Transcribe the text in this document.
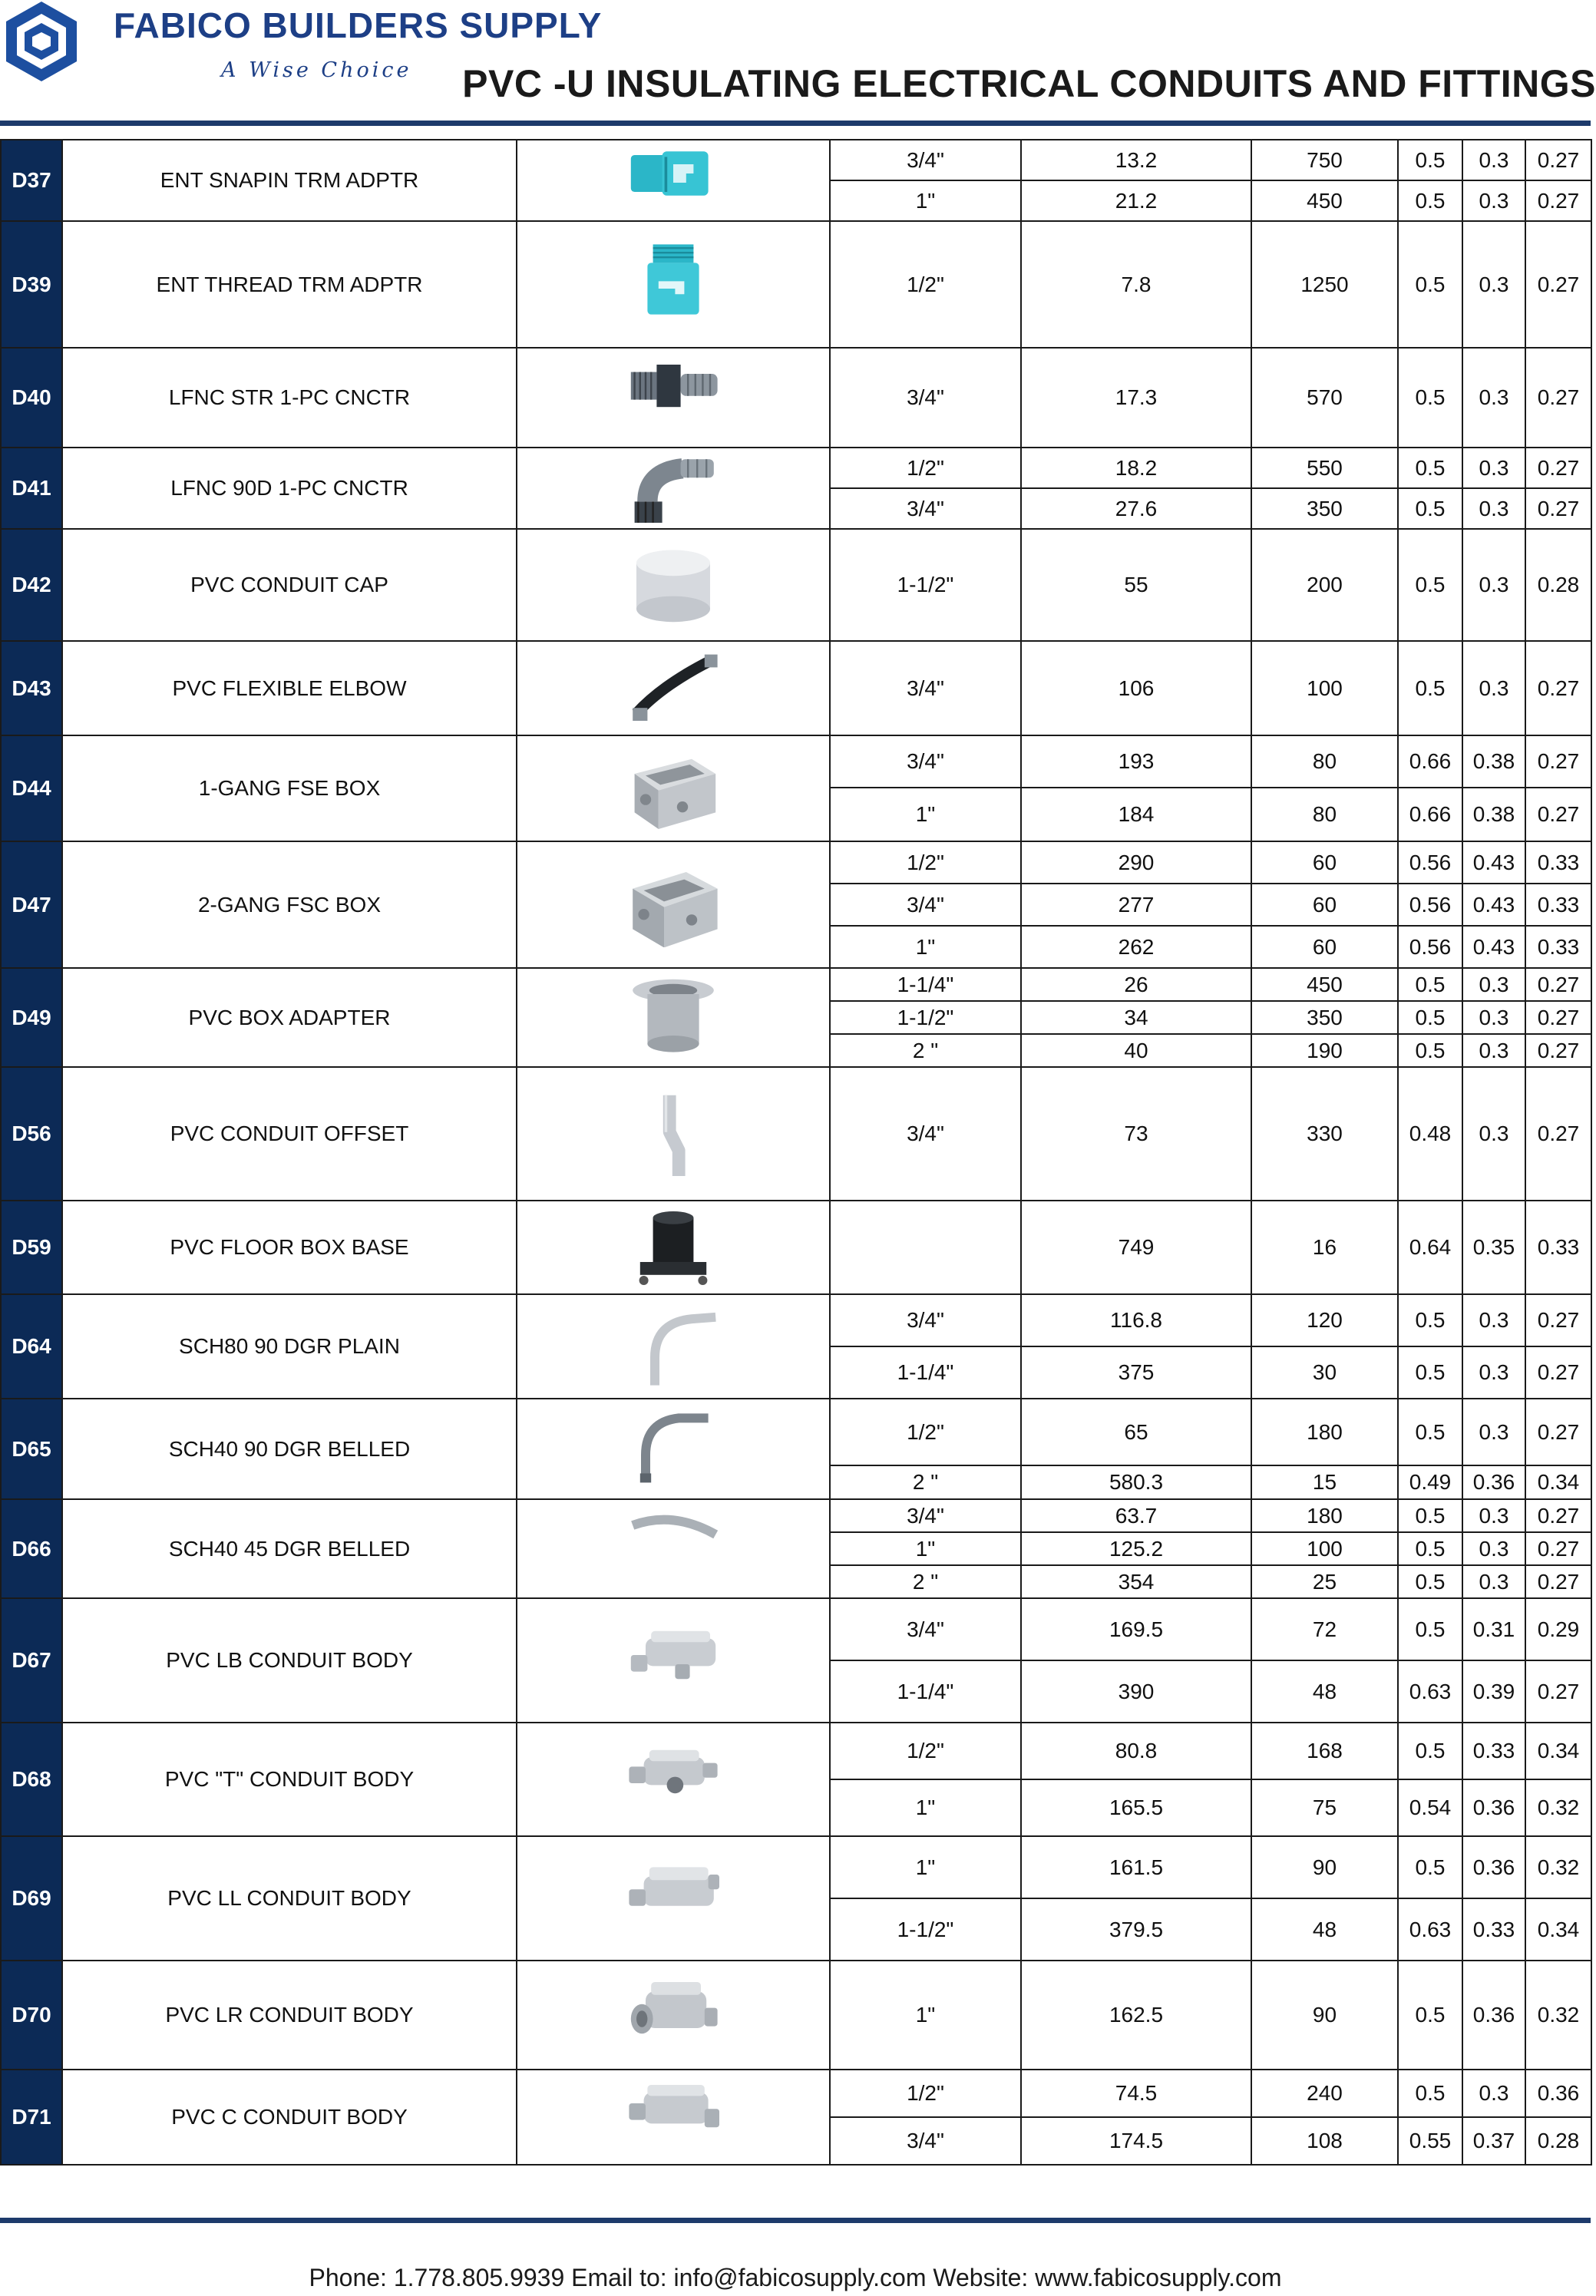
FABICO BUILDERS SUPPLY
A Wise Choice PVC -U INSULATING ELECTRICAL CONDUITS AND FITTINGS
D37	ENT SNAPIN TRM ADPTR		3/4"	13.2	750	0.5	0.3	0.27
			1"	21.2	450	0.5	0.3	0.27
D39	ENT THREAD TRM ADPTR		1/2"	7.8	1250	0.5	0.3	0.27
D40	LFNC STR 1-PC CNCTR		3/4"	17.3	570	0.5	0.3	0.27
D41	LFNC 90D 1-PC CNCTR		1/2"	18.2	550	0.5	0.3	0.27
			3/4"	27.6	350	0.5	0.3	0.27
D42	PVC CONDUIT CAP		1-1/2"	55	200	0.5	0.3	0.28
D43	PVC FLEXIBLE ELBOW		3/4"	106	100	0.5	0.3	0.27
D44	1-GANG FSE BOX		3/4"	193	80	0.66	0.38	0.27
			1"	184	80	0.66	0.38	0.27
D47	2-GANG FSC BOX		1/2"	290	60	0.56	0.43	0.33
			3/4"	277	60	0.56	0.43	0.33
			1"	262	60	0.56	0.43	0.33
D49	PVC BOX ADAPTER		1-1/4"	26	450	0.5	0.3	0.27
			1-1/2"	34	350	0.5	0.3	0.27
			2 "	40	190	0.5	0.3	0.27
D56	PVC CONDUIT OFFSET		3/4"	73	330	0.48	0.3	0.27
D59	PVC FLOOR BOX BASE			749	16	0.64	0.35	0.33
D64	SCH80 90 DGR PLAIN		3/4"	116.8	120	0.5	0.3	0.27
			1-1/4"	375	30	0.5	0.3	0.27
D65	SCH40 90 DGR BELLED		1/2"	65	180	0.5	0.3	0.27
			2 "	580.3	15	0.49	0.36	0.34
D66	SCH40 45 DGR BELLED		3/4"	63.7	180	0.5	0.3	0.27
			1"	125.2	100	0.5	0.3	0.27
			2 "	354	25	0.5	0.3	0.27
D67	PVC LB CONDUIT BODY		3/4"	169.5	72	0.5	0.31	0.29
			1-1/4"	390	48	0.63	0.39	0.27
D68	PVC "T" CONDUIT BODY		1/2"	80.8	168	0.5	0.33	0.34
			1"	165.5	75	0.54	0.36	0.32
D69	PVC LL CONDUIT BODY		1"	161.5	90	0.5	0.36	0.32
			1-1/2"	379.5	48	0.63	0.33	0.34
D70	PVC LR CONDUIT BODY		1"	162.5	90	0.5	0.36	0.32
D71	PVC C CONDUIT BODY		1/2"	74.5	240	0.5	0.3	0.36
			3/4"	174.5	108	0.55	0.37	0.28
Phone: 1.778.805.9939 Email to: info@fabicosupply.com Website: www.fabicosupply.com
